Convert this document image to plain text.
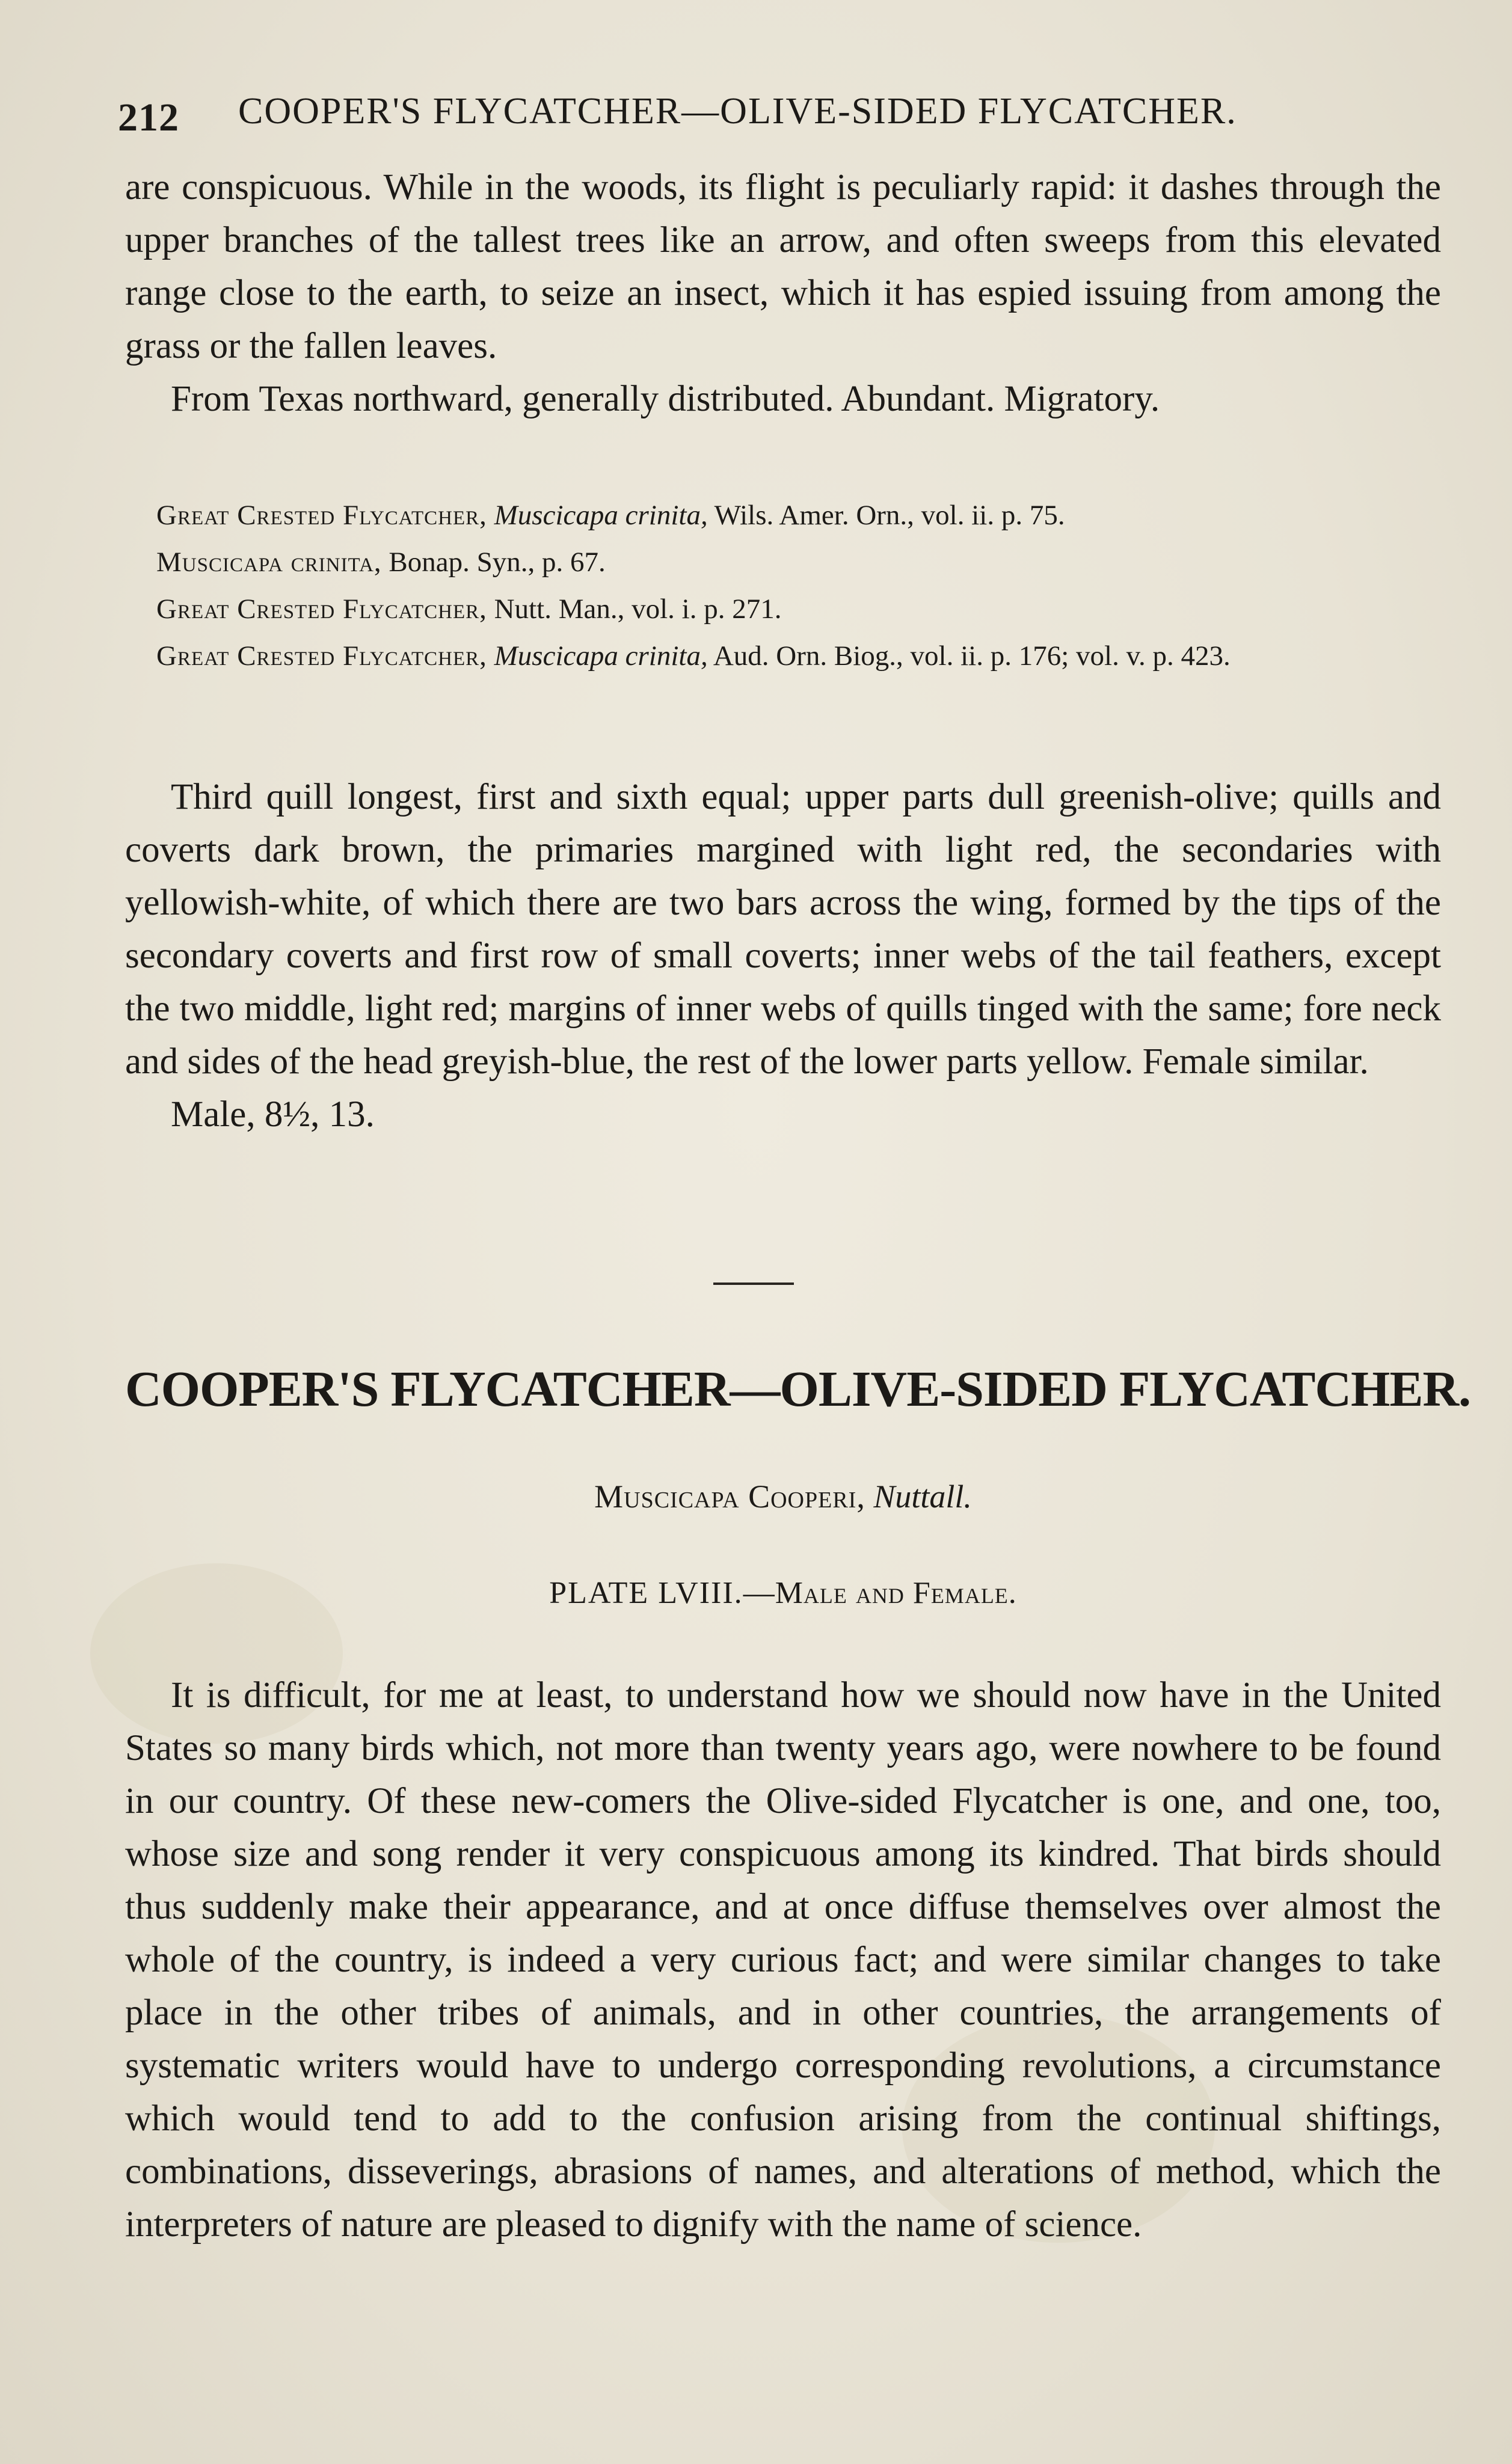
212 COOPER'S FLYCATCHER—OLIVE-SIDED FLYCATCHER.

are conspicuous. While in the woods, its flight is peculiarly rapid: it dashes through the upper branches of the tallest trees like an arrow, and often sweeps from this elevated range close to the earth, to seize an insect, which it has espied issuing from among the grass or the fallen leaves.

From Texas northward, generally distributed. Abundant. Migratory.

Great Crested Flycatcher, Muscicapa crinita, Wils. Amer. Orn., vol. ii. p. 75.

Muscicapa crinita, Bonap. Syn., p. 67.

Great Crested Flycatcher, Nutt. Man., vol. i. p. 271.

Great Crested Flycatcher, Muscicapa crinita, Aud. Orn. Biog., vol. ii. p. 176; vol. v. p. 423.

Third quill longest, first and sixth equal; upper parts dull greenish-olive; quills and coverts dark brown, the primaries margined with light red, the secondaries with yellowish-white, of which there are two bars across the wing, formed by the tips of the secondary coverts and first row of small coverts; inner webs of the tail feathers, except the two middle, light red; margins of inner webs of quills tinged with the same; fore neck and sides of the head greyish-blue, the rest of the lower parts yellow. Female similar.

Male, 8½, 13.

COOPER'S FLYCATCHER—OLIVE-SIDED FLYCATCHER.
Muscicapa Cooperi, Nuttall.
PLATE LVIII.—Male and Female.

It is difficult, for me at least, to understand how we should now have in the United States so many birds which, not more than twenty years ago, were nowhere to be found in our country. Of these new-comers the Olive-sided Flycatcher is one, and one, too, whose size and song render it very conspicuous among its kindred. That birds should thus suddenly make their appearance, and at once diffuse themselves over almost the whole of the country, is indeed a very curious fact; and were similar changes to take place in the other tribes of animals, and in other countries, the arrangements of systematic writers would have to undergo corresponding revolutions, a circumstance which would tend to add to the confusion arising from the continual shiftings, combinations, disseverings, abrasions of names, and alterations of method, which the interpreters of nature are pleased to dignify with the name of science.
